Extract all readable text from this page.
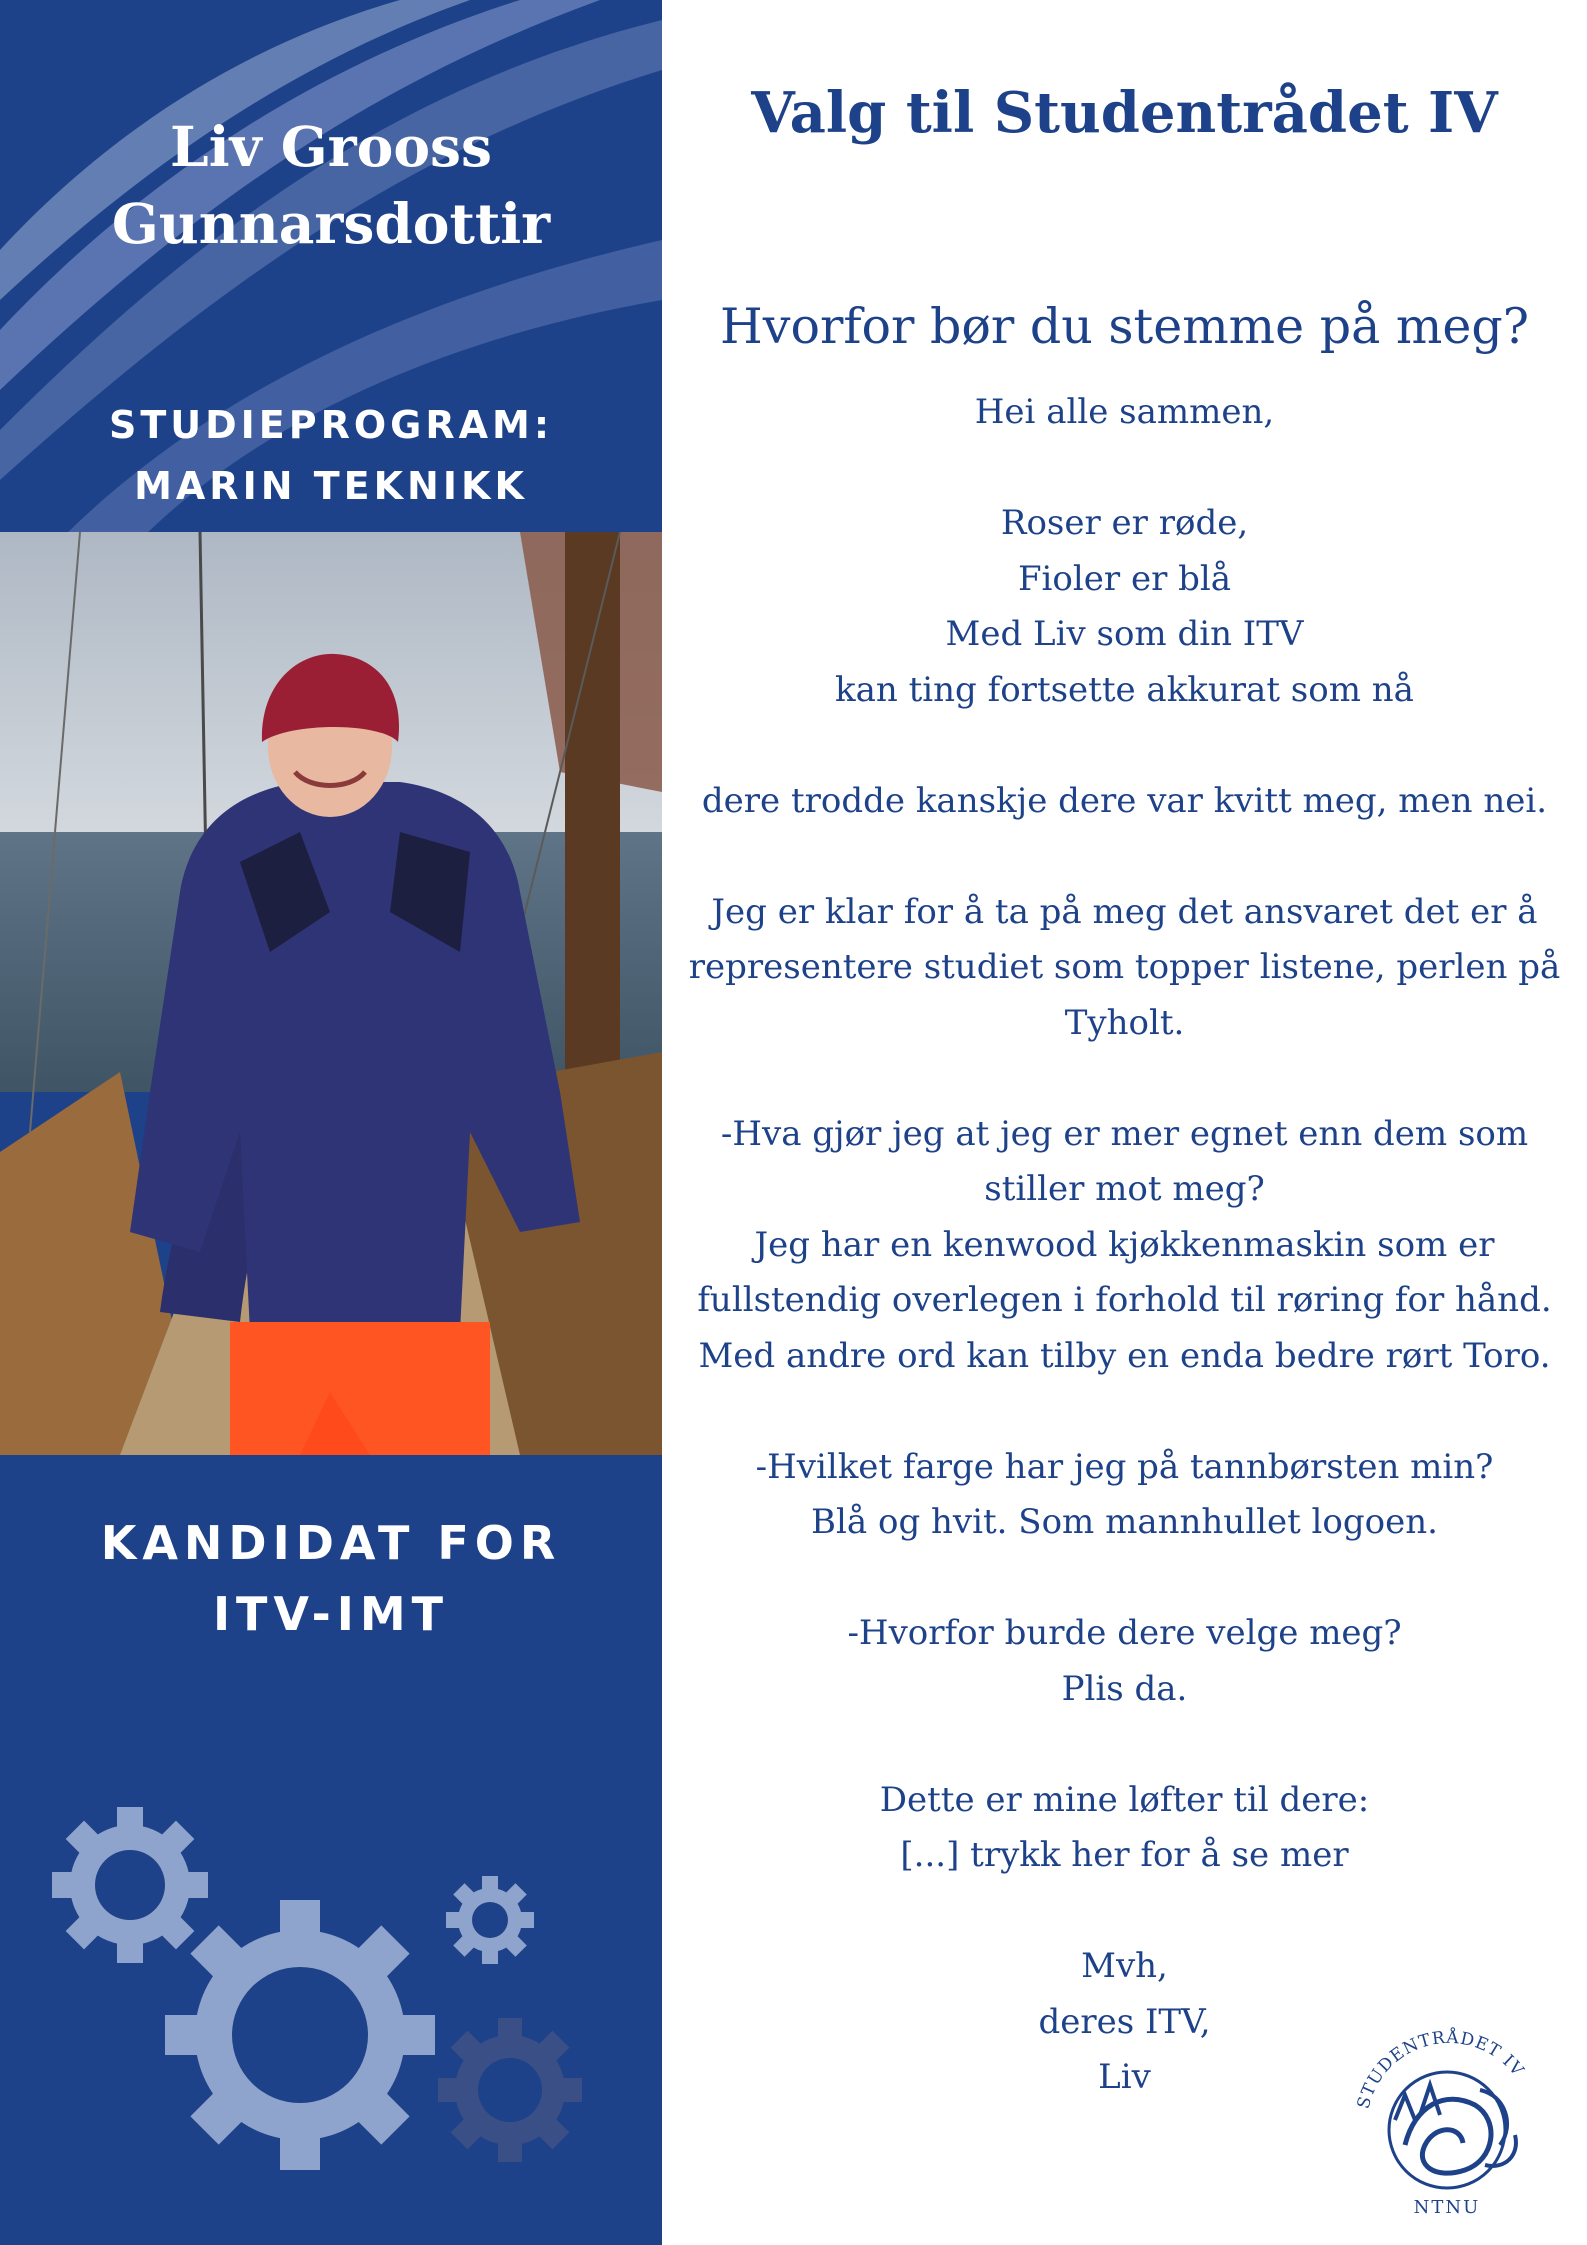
Liv Grooss
Gunnarsdottir
STUDIEPROGRAM:
MARIN TEKNIKK
KANDIDAT FOR
ITV-IMT
Valg til Studentrådet IV
Hvorfor bør du stemme på meg?
Hei alle sammen,
Roser er røde,
Fioler er blå
Med Liv som din ITV
kan ting fortsette akkurat som nå
dere trodde kanskje dere var kvitt meg, men nei.
Jeg er klar for å ta på meg det ansvaret det er å
representere studiet som topper listene, perlen på
Tyholt.
-Hva gjør jeg at jeg er mer egnet enn dem som
stiller mot meg?
Jeg har en kenwood kjøkkenmaskin som er
fullstendig overlegen i forhold til røring for hånd.
Med andre ord kan tilby en enda bedre rørt Toro.
-Hvilket farge har jeg på tannbørsten min?
Blå og hvit. Som mannhullet logoen.
-Hvorfor burde dere velge meg?
Plis da.
Dette er mine løfter til dere:
[...] trykk her for å se mer
Mvh,
deres ITV,
Liv
STUDENTRÅDET IV
NTNU
